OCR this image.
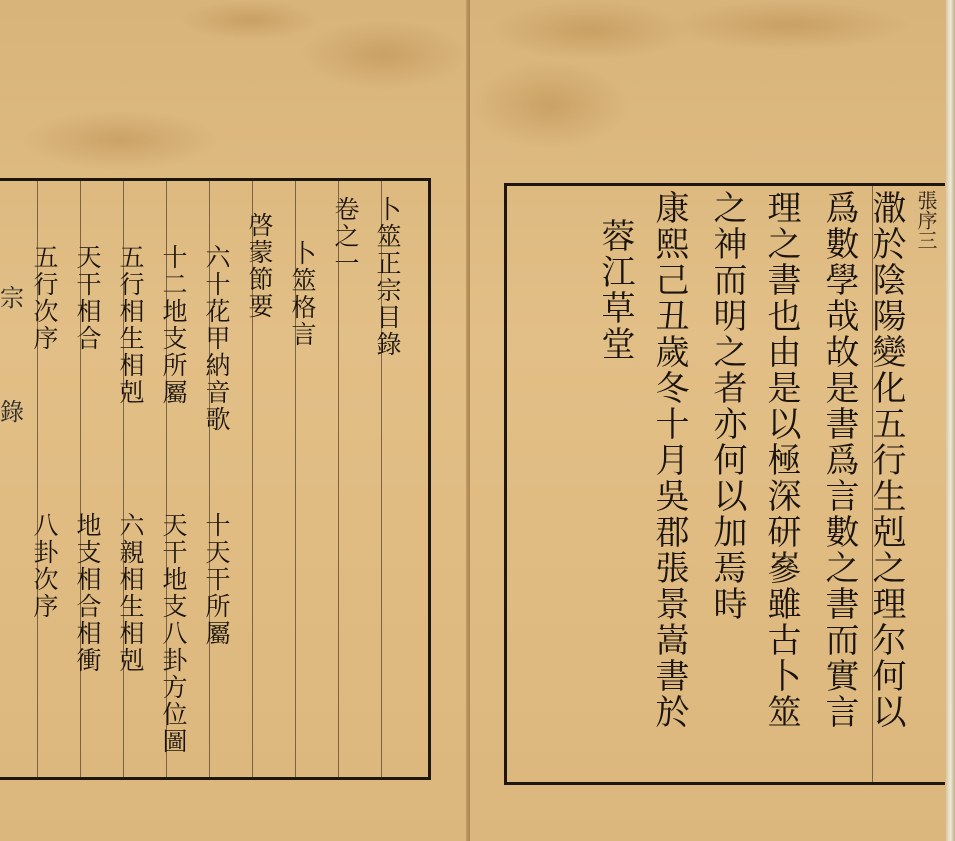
卜筮正宗目錄
卷之一
卜筮格言
啓蒙節要
六十花甲納音歌
十天干所屬
十二地支所屬
天干地支八卦方位圖
五行相生相剋
六親相生相剋
天干相合
地支相合相衝
五行次序
八卦次序
宗
錄
張序三
潵於陰陽變化五行生剋之理尔何以
爲數學哉故是書爲言數之書而實言
理之書也由是以極深研嵾雖古卜筮
之神而明之者亦何以加焉時
康熙己丑歲冬十月吳郡張景嵩書於
蓉江草堂
